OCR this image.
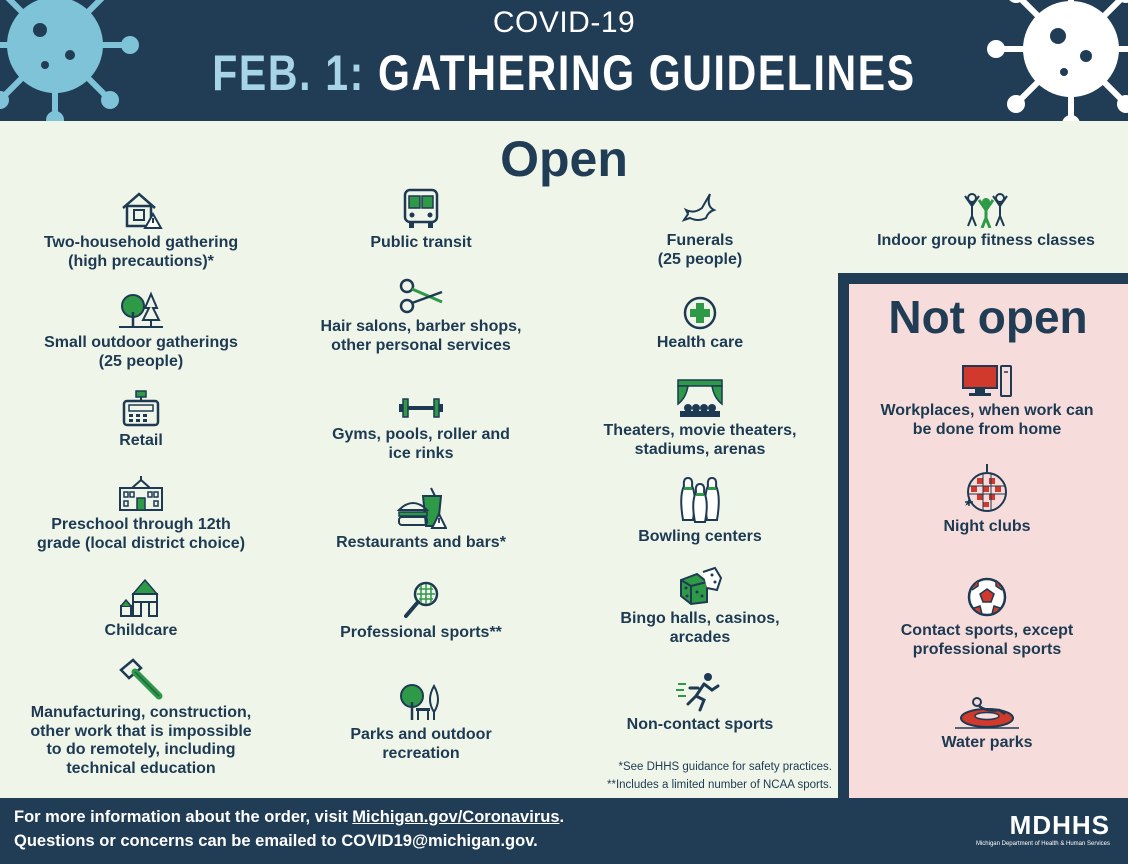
COVID-19
FEB. 1: GATHERING GUIDELINES
Open
Two-household gathering
(high precautions)*
Small outdoor gatherings
(25 people)
Retail
Preschool through 12th
grade (local district choice)
Childcare
Manufacturing, construction,
other work that is impossible
to do remotely, including
technical education
Public transit
Hair salons, barber shops,
other personal services
Gyms, pools, roller and
ice rinks
Restaurants and bars*
Professional sports**
Parks and outdoor
recreation
Funerals
(25 people)
Health care
Theaters, movie theaters,
stadiums, arenas
Bowling centers
Bingo halls, casinos,
arcades
Non-contact sports
Indoor group fitness classes
Not open
Workplaces, when work can
be done from home
Night clubs
Contact sports, except
professional sports
Water parks
*See DHHS guidance for safety practices.
**Includes a limited number of NCAA sports.
For more information about the order, visit Michigan.gov/Coronavirus.
Questions or concerns can be emailed to COVID19@michigan.gov.
MDHHS
Michigan Department of Health & Human Services
